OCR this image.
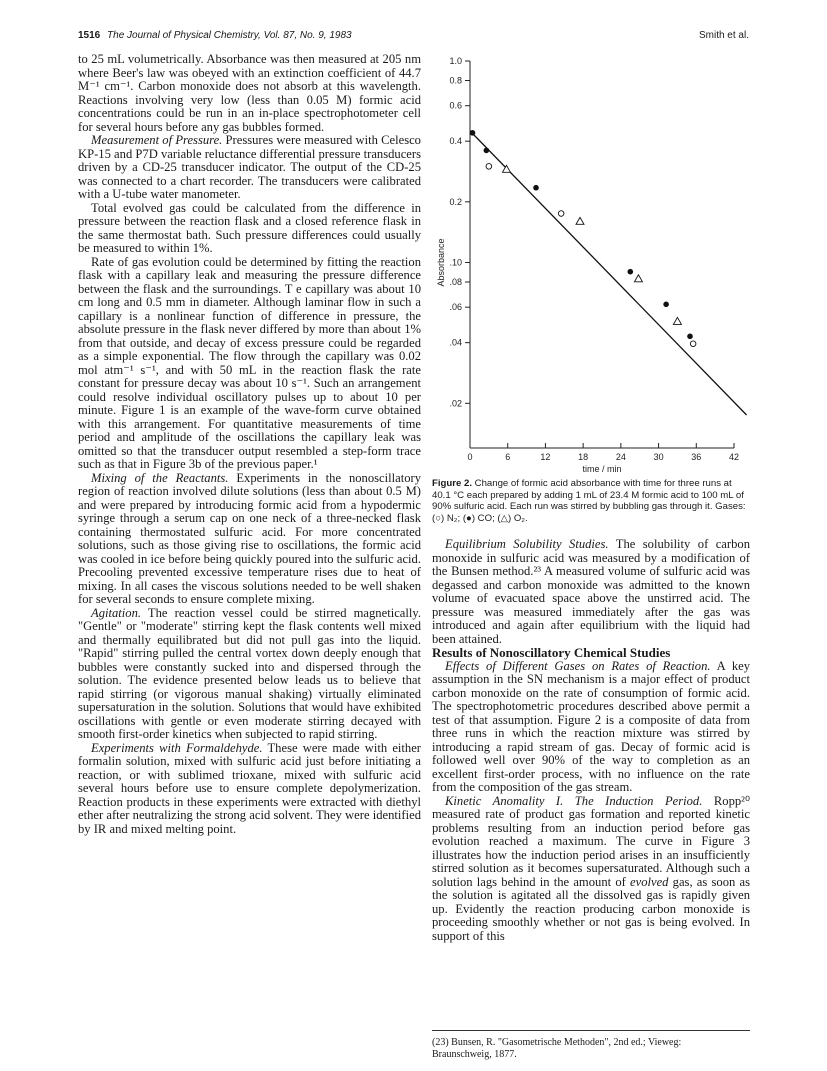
1516 The Journal of Physical Chemistry, Vol. 87, No. 9, 1983	Smith et al.

to 25 mL volumetrically. Absorbance was then measured at 205 nm where Beer's law was obeyed with an extinction coefficient of 44.7 M⁻¹ cm⁻¹. Carbon monoxide does not absorb at this wavelength. Reactions involving very low (less than 0.05 M) formic acid concentrations could be run in an in-place spectrophotometer cell for several hours before any gas bubbles formed.

Measurement of Pressure. Pressures were measured with Celesco KP-15 and P7D variable reluctance differential pressure transducers driven by a CD-25 transducer indicator. The output of the CD-25 was connected to a chart recorder. The transducers were calibrated with a U-tube water manometer.

Total evolved gas could be calculated from the difference in pressure between the reaction flask and a closed reference flask in the same thermostat bath. Such pressure differences could usually be measured to within 1%.

Rate of gas evolution could be determined by fitting the reaction flask with a capillary leak and measuring the pressure difference between the flask and the surroundings. T e capillary was about 10 cm long and 0.5 mm in diameter. Although laminar flow in such a capillary is a nonlinear function of difference in pressure, the absolute pressure in the flask never differed by more than about 1% from that outside, and decay of excess pressure could be regarded as a simple exponential. The flow through the capillary was 0.02 mol atm⁻¹ s⁻¹, and with 50 mL in the reaction flask the rate constant for pressure decay was about 10 s⁻¹. Such an arrangement could resolve individual oscillatory pulses up to about 10 per minute. Figure 1 is an example of the wave-form curve obtained with this arrangement. For quantitative measurements of time period and amplitude of the oscillations the capillary leak was omitted so that the transducer output resembled a step-form trace such as that in Figure 3b of the previous paper.¹

Mixing of the Reactants. Experiments in the nonoscillatory region of reaction involved dilute solutions (less than about 0.5 M) and were prepared by introducing formic acid from a hypodermic syringe through a serum cap on one neck of a three-necked flask containing thermostated sulfuric acid. For more concentrated solutions, such as those giving rise to oscillations, the formic acid was cooled in ice before being quickly poured into the sulfuric acid. Precooling prevented excessive temperature rises due to heat of mixing. In all cases the viscous solutions needed to be well shaken for several seconds to ensure complete mixing.

Agitation. The reaction vessel could be stirred magnetically. "Gentle" or "moderate" stirring kept the flask contents well mixed and thermally equilibrated but did not pull gas into the liquid. "Rapid" stirring pulled the central vortex down deeply enough that bubbles were constantly sucked into and dispersed through the solution. The evidence presented below leads us to believe that rapid stirring (or vigorous manual shaking) virtually eliminated supersaturation in the solution. Solutions that would have exhibited oscillations with gentle or even moderate stirring decayed with smooth first-order kinetics when subjected to rapid stirring.

Experiments with Formaldehyde. These were made with either formalin solution, mixed with sulfuric acid just before initiating a reaction, or with sublimed trioxane, mixed with sulfuric acid several hours before use to ensure complete depolymerization. Reaction products in these experiments were extracted with diethyl ether after neutralizing the strong acid solvent. They were identified by IR and mixed melting point.

0	6	12	18	24	30	36	42
1.0
0.8
0.6
0.4
0.2
.10
.08
.06
.04
.02
time / min
Absorbance
Figure 2. Change of formic acid absorbance with time for three runs at 40.1 °C each prepared by adding 1 mL of 23.4 M formic acid to 100 mL of 90% sulfuric acid. Each run was stirred by bubbling gas through it. Gases: (○) N₂; (●) CO; (△) O₂.

Equilibrium Solubility Studies. The solubility of carbon monoxide in sulfuric acid was measured by a modification of the Bunsen method.²³ A measured volume of sulfuric acid was degassed and carbon monoxide was admitted to the known volume of evacuated space above the unstirred acid. The pressure was measured immediately after the gas was introduced and again after equilibrium with the liquid had been attained.

Results of Nonoscillatory Chemical Studies

Effects of Different Gases on Rates of Reaction. A key assumption in the SN mechanism is a major effect of product carbon monoxide on the rate of consumption of formic acid. The spectrophotometric procedures described above permit a test of that assumption. Figure 2 is a composite of data from three runs in which the reaction mixture was stirred by introducing a rapid stream of gas. Decay of formic acid is followed well over 90% of the way to completion as an excellent first-order process, with no influence on the rate from the composition of the gas stream.

Kinetic Anomality I. The Induction Period. Ropp²⁰ measured rate of product gas formation and reported kinetic problems resulting from an induction period before gas evolution reached a maximum. The curve in Figure 3 illustrates how the induction period arises in an insufficiently stirred solution as it becomes supersaturated. Although such a solution lags behind in the amount of evolved gas, as soon as the solution is agitated all the dissolved gas is rapidly given up. Evidently the reaction producing carbon monoxide is proceeding smoothly whether or not gas is being evolved. In support of this

(23) Bunsen, R. "Gasometrische Methoden", 2nd ed.; Vieweg:
Braunschweig, 1877.
